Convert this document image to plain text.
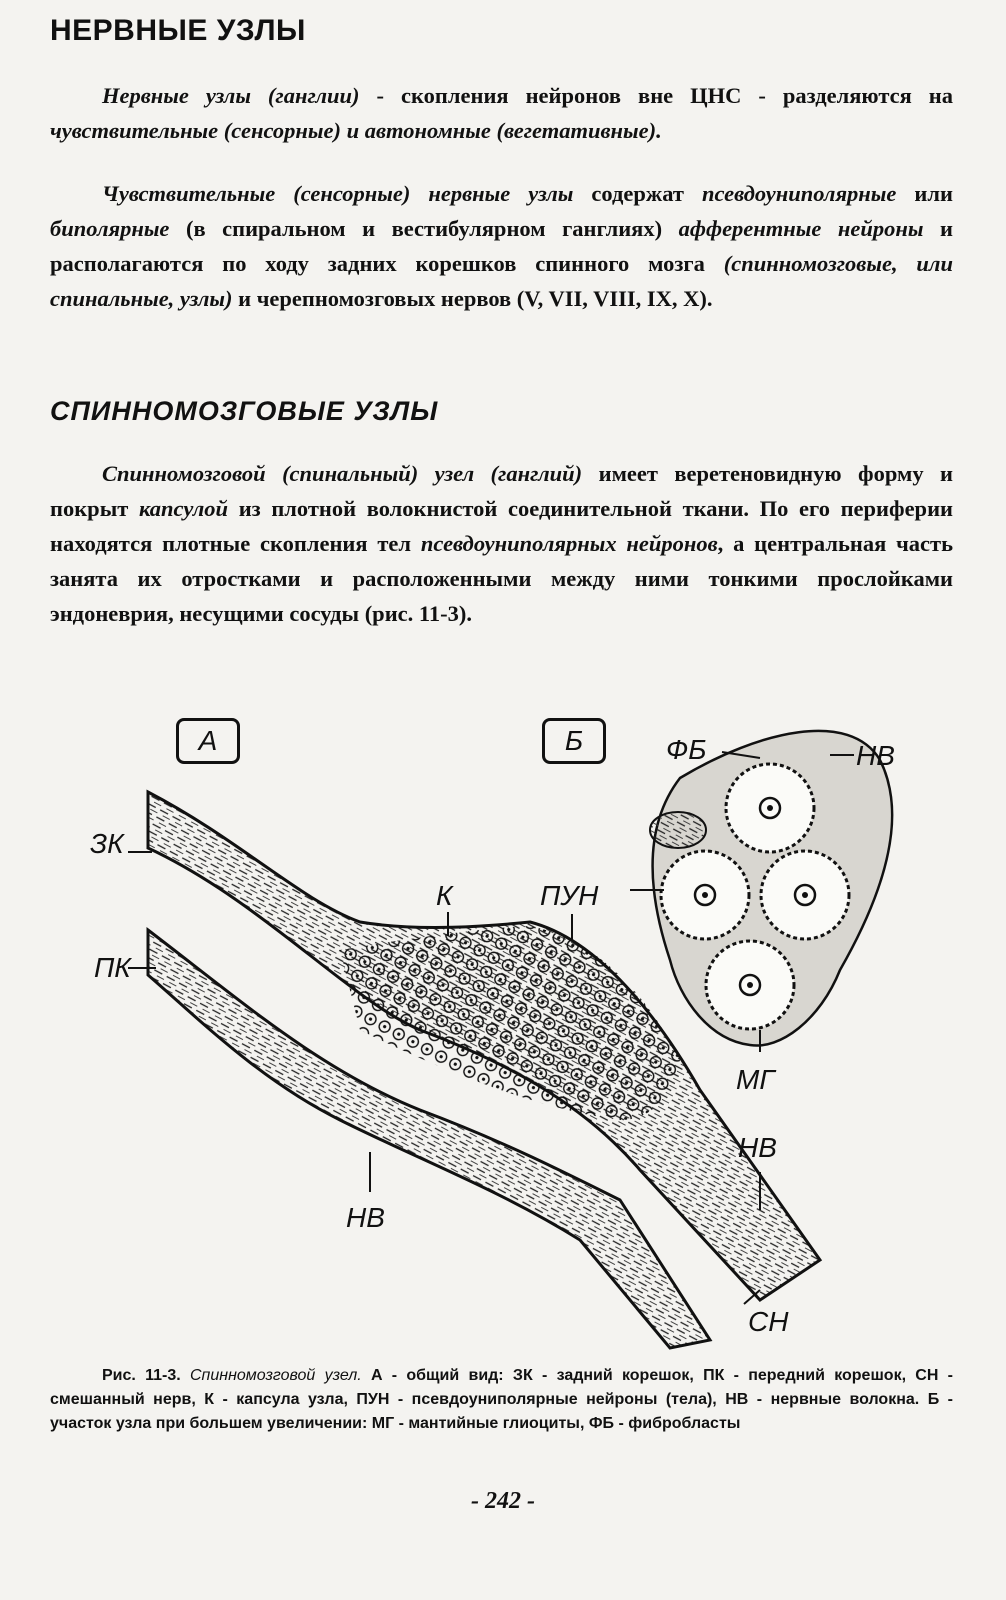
НЕРВНЫЕ УЗЛЫ

Нервные узлы (ганглии) - скопления нейронов вне ЦНС - разделяются на чувствительные (сенсорные) и автономные (вегетативные).

Чувствительные (сенсорные) нервные узлы содержат псевдоуниполярные или биполярные (в спиральном и вестибулярном ганглиях) афферентные нейроны и располагаются по ходу задних корешков спинного мозга (спинномозговые, или спинальные, узлы) и черепномозговых нервов (V, VII, VIII, IX, X).

СПИННОМОЗГОВЫЕ УЗЛЫ

Спинномозговой (спинальный) узел (ганглий) имеет веретеновидную форму и покрыт капсулой из плотной волокнистой соединительной ткани. По его периферии находятся плотные скопления тел псевдоуниполярных нейронов, а центральная часть занята их отростками и расположенными между ними тонкими прослойками эндоневрия, несущими сосуды (рис. 11-3).

А	Б
ЗК
ПК
К	ПУН
НВ
НВ
СН
ФБ	НВ
МГ

Рис. 11-3. Спинномозговой узел. А - общий вид: ЗК - задний корешок, ПК - передний корешок, СН - смешанный нерв, К - капсула узла, ПУН - псевдоуниполярные нейроны (тела), НВ - нервные волокна. Б - участок узла при большем увеличении: МГ - мантийные глиоциты, ФБ - фибробласты

- 242 -
